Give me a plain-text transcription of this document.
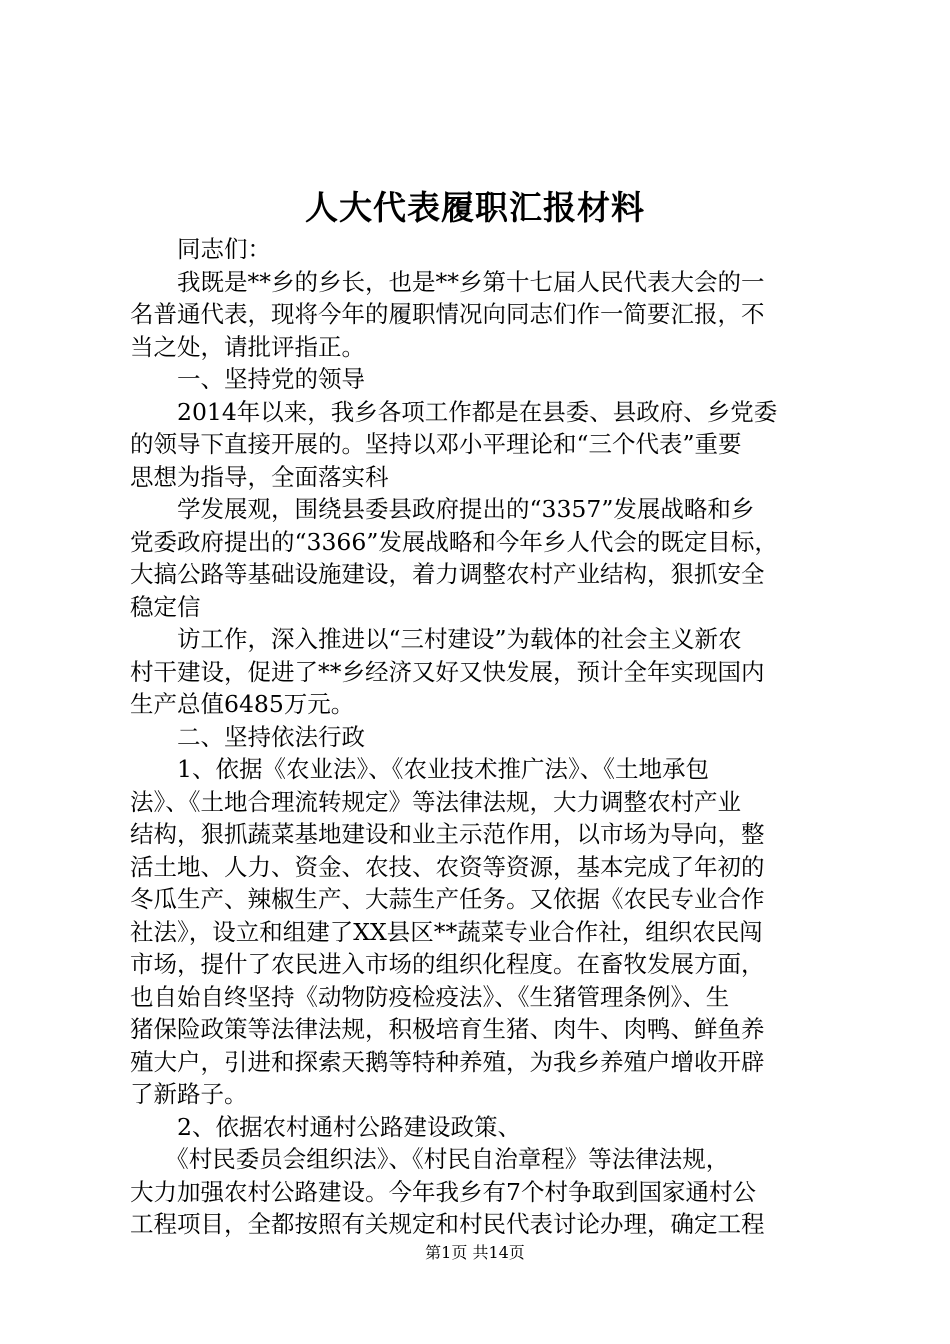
人大代表履职汇报材料
　　同志们：
　　我既是**乡的乡长，也是**乡第十七届人民代表大会的一
名普通代表，现将今年的履职情况向同志们作一简要汇报，不
当之处，请批评指正。
　　一、坚持党的领导
　　2014年以来，我乡各项工作都是在县委、县政府、乡党委
的领导下直接开展的。坚持以邓小平理论和“三个代表”重要
思想为指导，全面落实科
　　学发展观，围绕县委县政府提出的“3357”发展战略和乡
党委政府提出的“3366”发展战略和今年乡人代会的既定目标，
大搞公路等基础设施建设，着力调整农村产业结构，狠抓安全
稳定信
　　访工作，深入推进以“三村建设”为载体的社会主义新农
村干建设，促进了**乡经济又好又快发展，预计全年实现国内
生产总值6485万元。
　　二、坚持依法行政
　　1、依据《农业法》、《农业技术推广法》、《土地承包
法》、《土地合理流转规定》等法律法规，大力调整农村产业
结构，狠抓蔬菜基地建设和业主示范作用，以市场为导向，整
活土地、人力、资金、农技、农资等资源，基本完成了年初的
冬瓜生产、辣椒生产、大蒜生产任务。又依据《农民专业合作
社法》，设立和组建了XX县区**蔬菜专业合作社，组织农民闯
市场，提什了农民进入市场的组织化程度。在畜牧发展方面，
也自始自终坚持《动物防疫检疫法》、《生猪管理条例》、生
猪保险政策等法律法规，积极培育生猪、肉牛、肉鸭、鲜鱼养
殖大户，引进和探索天鹅等特种养殖，为我乡养殖户增收开辟
了新路子。
　　2、依据农村通村公路建设政策、
　　《村民委员会组织法》、《村民自治章程》等法律法规，
大力加强农村公路建设。今年我乡有7个村争取到国家通村公
工程项目，全都按照有关规定和村民代表讨论办理，确定工程
第1页 共14页
